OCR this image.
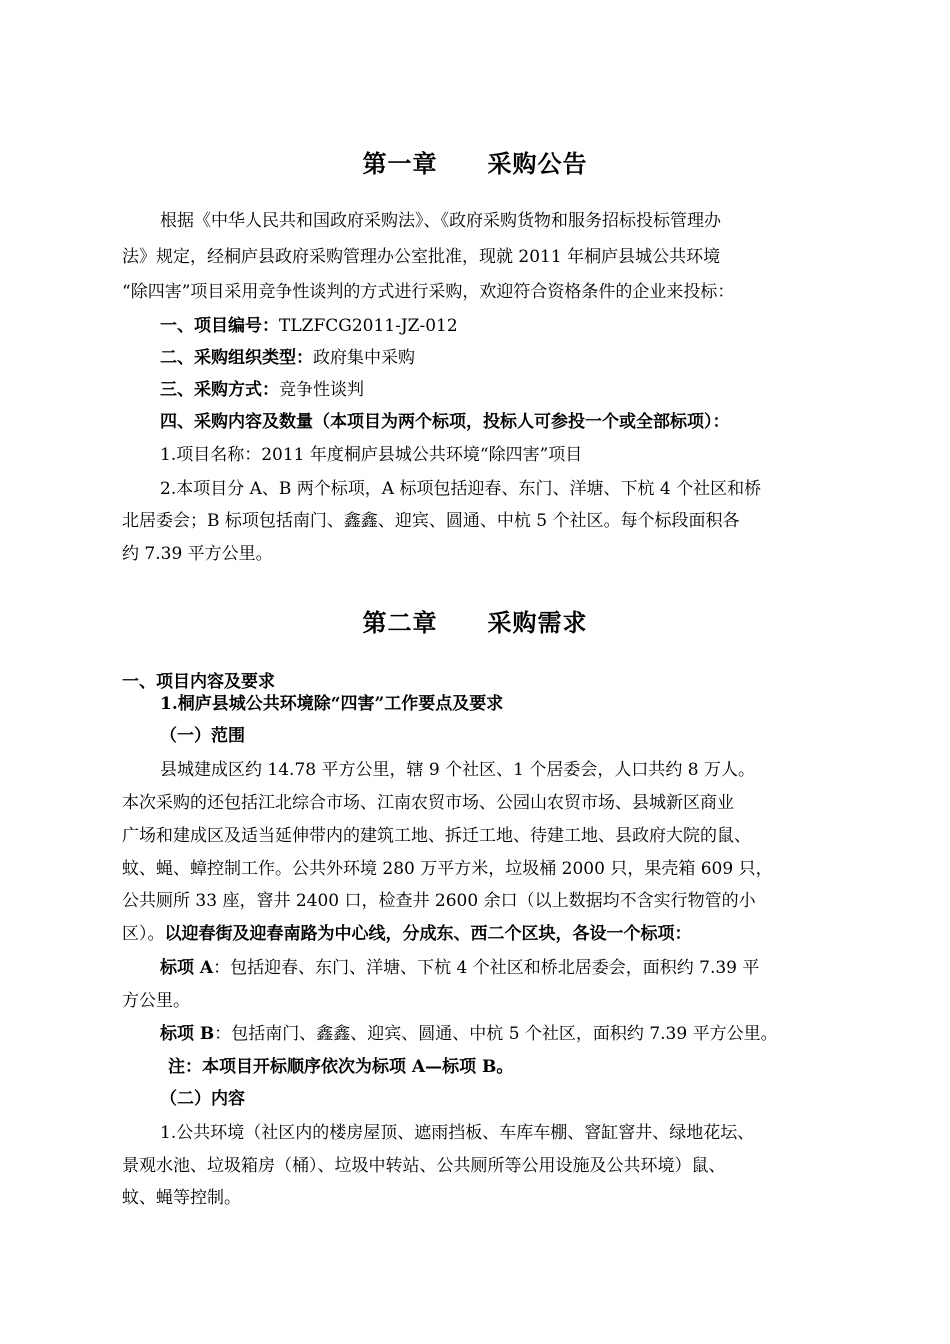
第一章　　采购公告
根据《中华人民共和国政府采购法》、《政府采购货物和服务招标投标管理办
法》规定，经桐庐县政府采购管理办公室批准，现就 2011 年桐庐县城公共环境
“除四害”项目采用竞争性谈判的方式进行采购，欢迎符合资格条件的企业来投标：
一、项目编号：TLZFCG2011-JZ-012
二、采购组织类型：政府集中采购
三、采购方式：竞争性谈判
四、采购内容及数量（本项目为两个标项，投标人可参投一个或全部标项）：
1.项目名称：2011 年度桐庐县城公共环境“除四害”项目
2.本项目分 A、B 两个标项，A 标项包括迎春、东门、洋塘、下杭 4 个社区和桥
北居委会；B 标项包括南门、鑫鑫、迎宾、圆通、中杭 5 个社区。每个标段面积各
约 7.39 平方公里。
第二章　　采购需求
一、项目内容及要求
1.桐庐县城公共环境除“四害”工作要点及要求
（一）范围
县城建成区约 14.78 平方公里，辖 9 个社区、1 个居委会，人口共约 8 万人。
本次采购的还包括江北综合市场、江南农贸市场、公园山农贸市场、县城新区商业
广场和建成区及适当延伸带内的建筑工地、拆迁工地、待建工地、县政府大院的鼠、
蚊、蝇、蟑控制工作。公共外环境 280 万平方米，垃圾桶 2000 只，果壳箱 609 只，
公共厕所 33 座，窨井 2400 口，检查井 2600 余口（以上数据均不含实行物管的小
区）。以迎春街及迎春南路为中心线，分成东、西二个区块，各设一个标项：
标项 A：包括迎春、东门、洋塘、下杭 4 个社区和桥北居委会，面积约 7.39 平
方公里。
标项 B：包括南门、鑫鑫、迎宾、圆通、中杭 5 个社区，面积约 7.39 平方公里。
注：本项目开标顺序依次为标项 A—标项 B。
（二）内容
1.公共环境（社区内的楼房屋顶、遮雨挡板、车库车棚、窨缸窨井、绿地花坛、
景观水池、垃圾箱房（桶）、垃圾中转站、公共厕所等公用设施及公共环境）鼠、
蚊、蝇等控制。
